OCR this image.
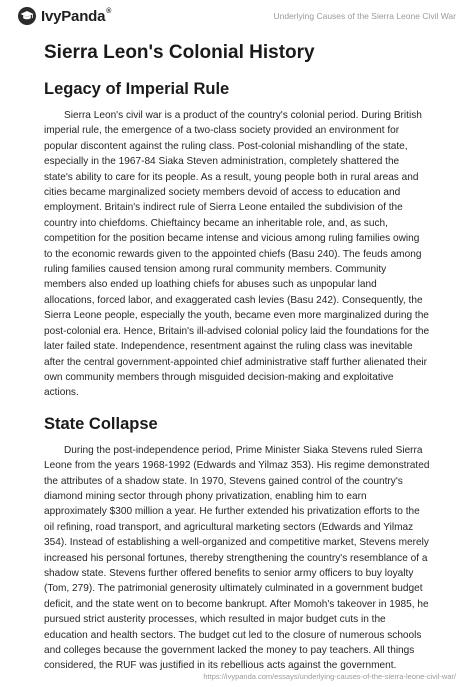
IvyPanda®	Underlying Causes of the Sierra Leone Civil War
Sierra Leon's Colonial History
Legacy of Imperial Rule

Sierra Leon's civil war is a product of the country's colonial period. During British imperial rule, the emergence of a two-class society provided an environment for popular discontent against the ruling class. Post-colonial mishandling of the state, especially in the 1967-84 Siaka Steven administration, completely shattered the state's ability to care for its people. As a result, young people both in rural areas and cities became marginalized society members devoid of access to education and employment. Britain's indirect rule of Sierra Leone entailed the subdivision of the country into chiefdoms. Chieftaincy became an inheritable role, and, as such, competition for the position became intense and vicious among ruling families owing to the economic rewards given to the appointed chiefs (Basu 240). The feuds among ruling families caused tension among rural community members. Community members also ended up loathing chiefs for abuses such as unpopular land allocations, forced labor, and exaggerated cash levies (Basu 242). Consequently, the Sierra Leone people, especially the youth, became even more marginalized during the post-colonial era. Hence, Britain's ill-advised colonial policy laid the foundations for the later failed state. Independence, resentment against the ruling class was inevitable after the central government-appointed chief administrative staff further alienated their own community members through misguided decision-making and exploitative actions.

State Collapse

During the post-independence period, Prime Minister Siaka Stevens ruled Sierra Leone from the years 1968-1992 (Edwards and Yilmaz 353). His regime demonstrated the attributes of a shadow state. In 1970, Stevens gained control of the country's diamond mining sector through phony privatization, enabling him to earn approximately $300 million a year. He further extended his privatization efforts to the oil refining, road transport, and agricultural marketing sectors (Edwards and Yilmaz 354). Instead of establishing a well-organized and competitive market, Stevens merely increased his personal fortunes, thereby strengthening the country's resemblance of a shadow state. Stevens further offered benefits to senior army officers to buy loyalty (Tom, 279). The patrimonial generosity ultimately culminated in a government budget deficit, and the state went on to become bankrupt. After Momoh's takeover in 1985, he pursued strict austerity processes, which resulted in major budget cuts in the education and health sectors. The budget cut led to the closure of numerous schools and colleges because the government lacked the money to pay teachers. All things considered, the RUF was justified in its rebellious acts against the government.

https://ivypanda.com/essays/underlying-causes-of-the-sierra-leone-civil-war/
